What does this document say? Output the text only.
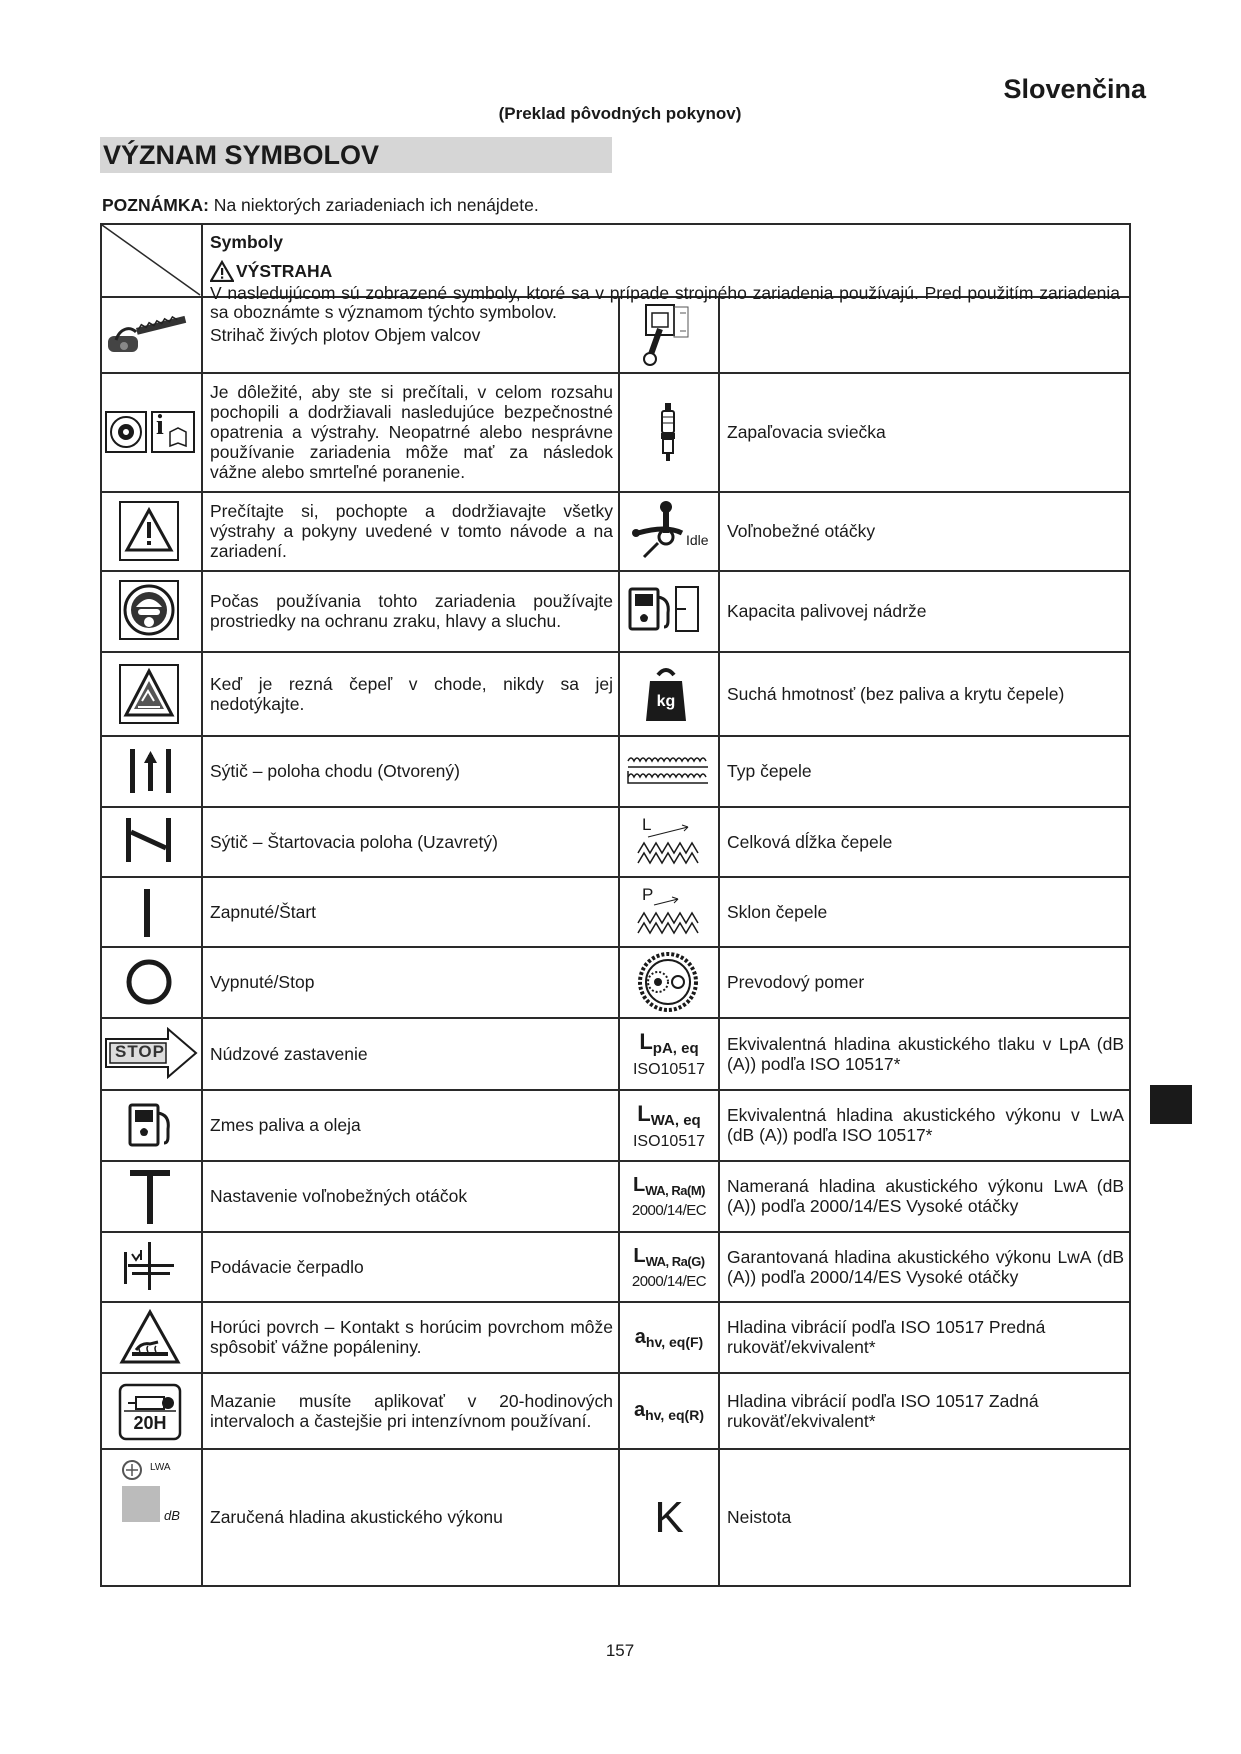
Slovenčina
(Preklad pôvodných pokynov)
VÝZNAM SYMBOLOV
POZNÁMKA: Na niektorých zariadeniach ich nenájdete.
Symboly
VÝSTRAHA
V nasledujúcom sú zobrazené symboly, ktoré sa v prípade strojného zariadenia používajú. Pred použitím zariadenia sa oboznámte s významom týchto symbolov.
Strihač živých plotov Objem valcov
Je dôležité, aby ste si prečítali, v celom rozsahu pochopili a dodržiavali nasledujúce bezpečnostné opatrenia a výstrahy. Neopatrné alebo nesprávne používanie zariadenia môže mať za následok vážne alebo smrteľné poranenie.
Prečítajte si, pochopte a dodržiavajte všetky výstrahy a pokyny uvedené v tomto návode a na zariadení.
Počas používania tohto zariadenia používajte prostriedky na ochranu zraku, hlavy a sluchu.
Keď je rezná čepeľ v chode, nikdy sa jej nedotýkajte.
Sýtič – poloha chodu (Otvorený)
Sýtič – Štartovacia poloha (Uzavretý)
Zapnuté/Štart
Vypnuté/Stop
Núdzové zastavenie
Zmes paliva a oleja
Nastavenie voľnobežných otáčok
Podávacie čerpadlo
Horúci povrch – Kontakt s horúcim povrchom môže spôsobiť vážne popáleniny.
Mazanie musíte aplikovať v 20-hodinových intervaloch a častejšie pri intenzívnom používaní.
Zaručená hladina akustického výkonu
Zapaľovacia sviečka
Voľnobežné otáčky
Kapacita palivovej nádrže
Suchá hmotnosť (bez paliva a krytu čepele)
Typ čepele
Celková dĺžka čepele
Sklon čepele
Prevodový pomer
Ekvivalentná hladina akustického tlaku v LpA (dB (A)) podľa ISO 10517*
Ekvivalentná hladina akustického výkonu v LwA (dB (A)) podľa ISO 10517*
Nameraná hladina akustického výkonu LwA (dB (A)) podľa 2000/14/ES Vysoké otáčky
Garantovaná hladina akustického výkonu LwA (dB (A)) podľa 2000/14/ES Vysoké otáčky
Hladina vibrácií podľa ISO 10517 Predná rukoväť/ekvivalent*
Hladina vibrácií podľa ISO 10517 Zadná rukoväť/ekvivalent*
Neistota
i
STOP
20H
LWA
dB
Idle
kg
L
P
$L_{pA, eq}$
ISO10517
$L_{WA, eq}$
ISO10517
$L_{WA, Ra(M)}$
2000/14/EC
$L_{WA, Ra(G)}$
2000/14/EC
$a_{hv, eq(F)}$
$a_{hv, eq(R)}$
K
157
